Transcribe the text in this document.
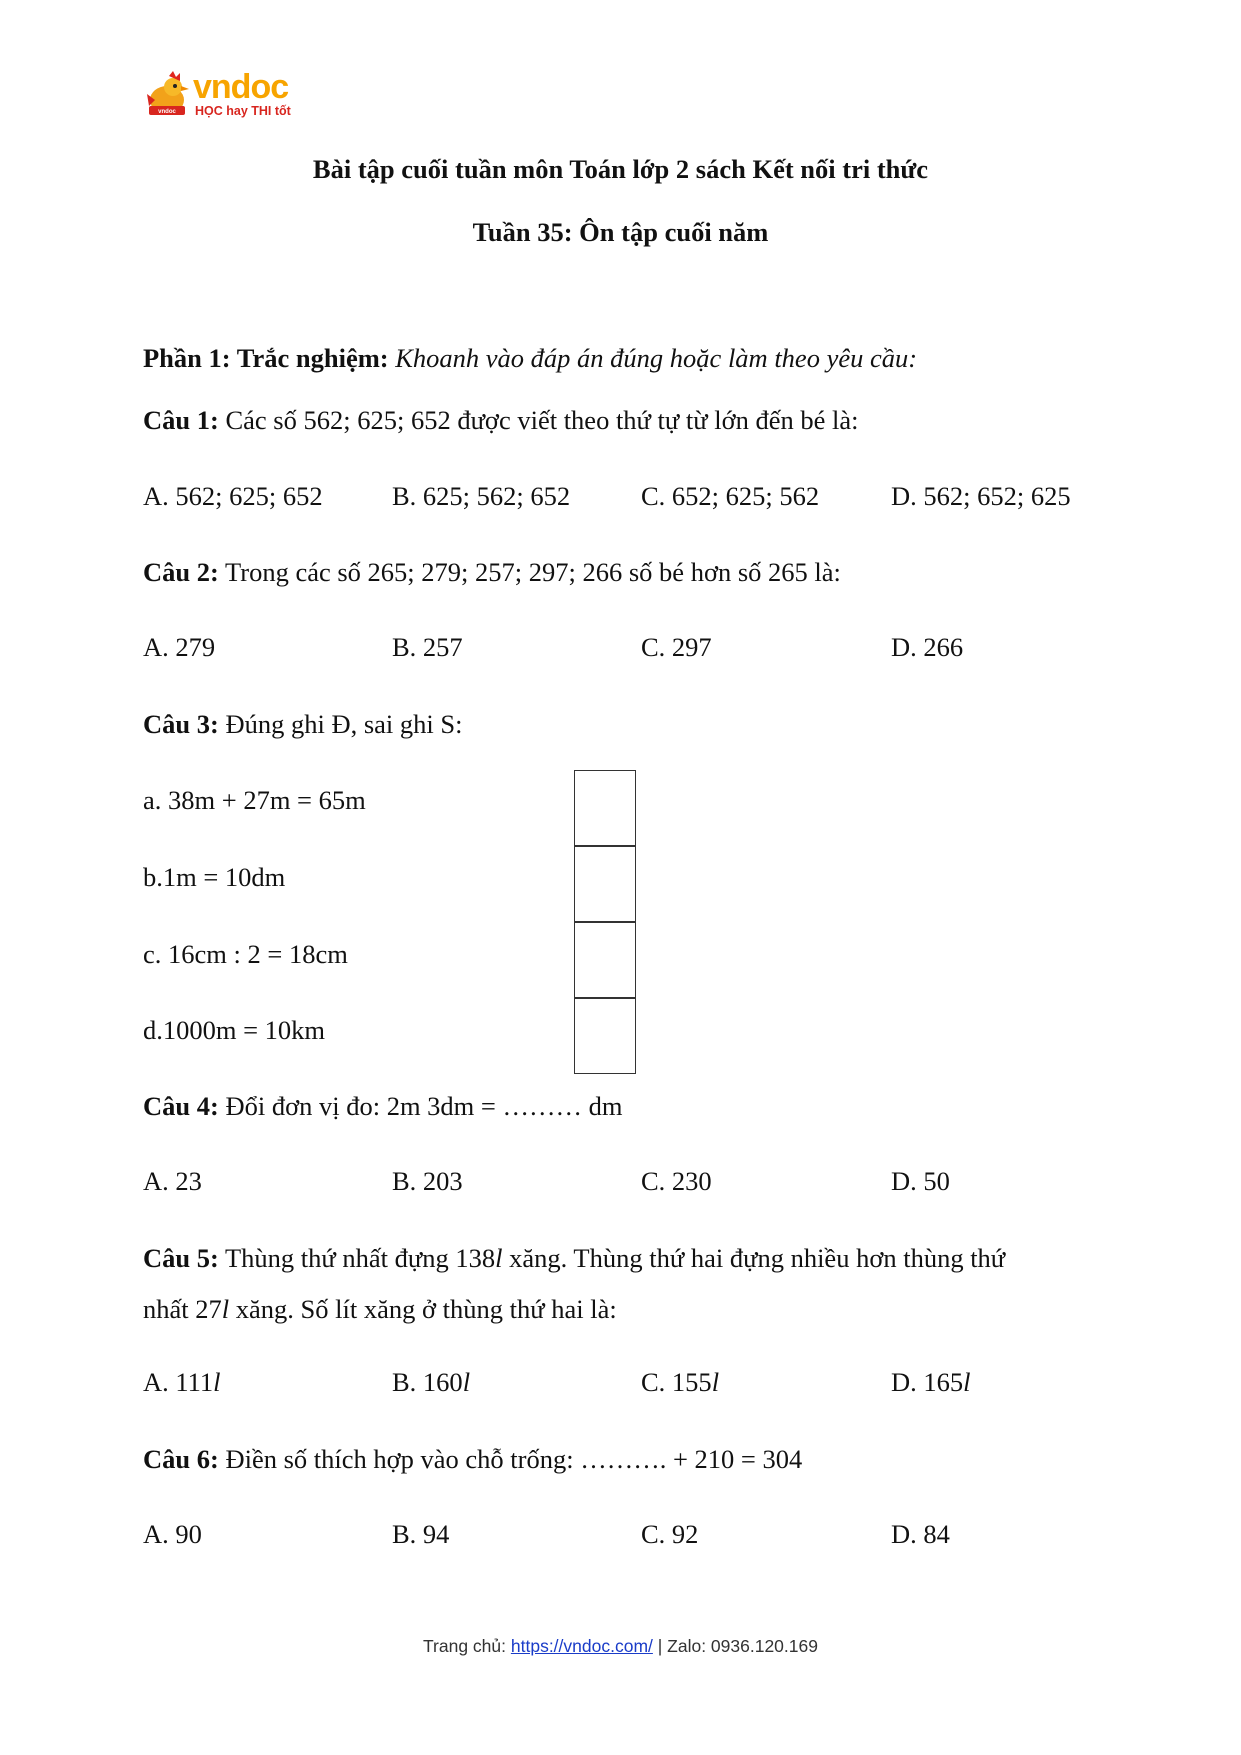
vndoc
vndoc
HỌC hay THI tốt
Bài tập cuối tuần môn Toán lớp 2 sách Kết nối tri thức
Tuần 35: Ôn tập cuối năm
Phần 1: Trắc nghiệm: Khoanh vào đáp án đúng hoặc làm theo yêu cầu:
Câu 1: Các số 562; 625; 652 được viết theo thứ tự từ lớn đến bé là:
A. 562; 625; 652	B. 625; 562; 652	C. 652; 625; 562	D. 562; 652; 625
Câu 2: Trong các số 265; 279; 257; 297; 266 số bé hơn số 265 là:
A. 279	B. 257	C. 297	D. 266
Câu 3: Đúng ghi Đ, sai ghi S:
a. 38m + 27m = 65m
b.1m = 10dm
c. 16cm : 2 = 18cm
d.1000m = 10km
Câu 4: Đổi đơn vị đo: 2m 3dm = ……… dm
A. 23	B. 203	C. 230	D. 50
Câu 5: Thùng thứ nhất đựng 138l xăng. Thùng thứ hai đựng nhiều hơn thùng thứ
nhất 27l xăng. Số lít xăng ở thùng thứ hai là:
A. 111l	B. 160l	C. 155l	D. 165l
Câu 6: Điền số thích hợp vào chỗ trống: ………. + 210 = 304
A. 90	B. 94	C. 92	D. 84
Trang chủ: https://vndoc.com/ | Zalo: 0936.120.169
